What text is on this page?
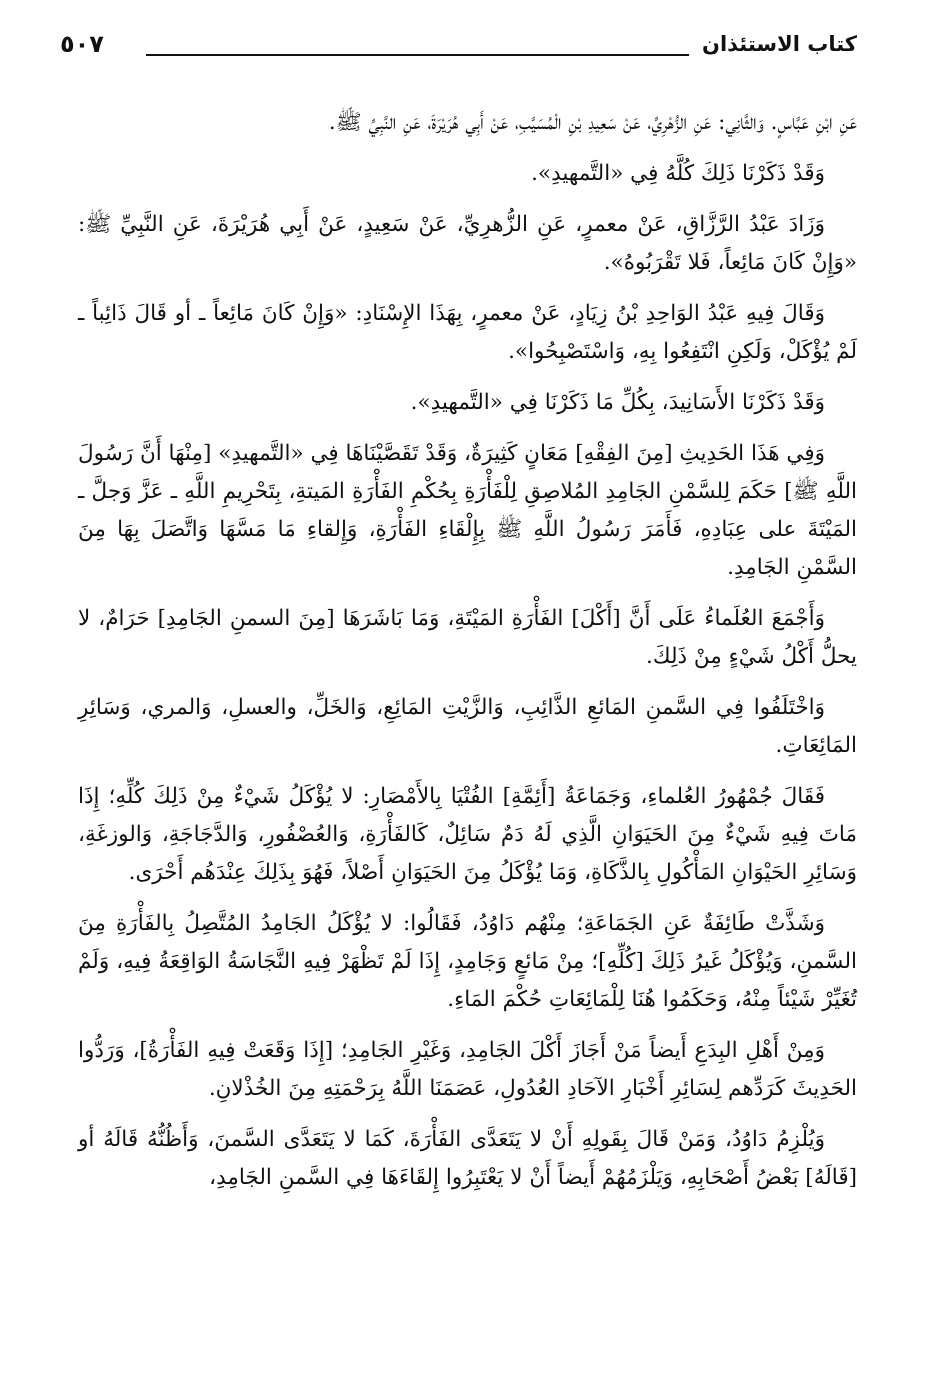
كتاب الاستئذان
٥٠٧

عَنِ ابْنِ عَبَّاسٍ. وَالثَّانِي: عَنِ الزُّهْرِيِّ، عَنْ سَعِيدِ بْنِ الْمُسَيَّبِ، عَنْ أَبِي هُرَيْرَةَ، عَنِ النَّبِيِّ ﷺ.

وَقَدْ ذَكَرْنَا ذَلِكَ كُلَّهُ فِي «التَّمهيدِ».

وَزَادَ عَبْدُ الرَّزَّاقِ، عَنْ معمرٍ، عَنِ الزُّهرِيِّ، عَنْ سَعِيدٍ، عَنْ أَبِي هُرَيْرَةَ، عَنِ النَّبِيِّ ﷺ: «وَإِنْ كَانَ مَائِعاً، فَلا تَقْرَبُوهُ».

وَقَالَ فِيهِ عَبْدُ الوَاحِدِ بْنُ زِيَادٍ، عَنْ معمرٍ، بِهَذَا الإِسْنَادِ: «وَإِنْ كَانَ مَائِعاً ـ أو قَالَ ذَائِباً ـ لَمْ يُؤْكَلْ، وَلَكِنِ انْتَفِعُوا بِهِ، وَاسْتَصْبِحُوا».

وَقَدْ ذَكَرْنَا الأَسَانِيدَ، بِكُلِّ مَا ذَكَرْنَا فِي «التَّمهيدِ».

وَفِي هَذَا الحَدِيثِ [مِنَ الفِقْهِ] مَعَانٍ كَثِيرَةٌ، وَقَدْ تَقَصَّيْنَاهَا فِي «التَّمهيدِ» [مِنْهَا أَنَّ رَسُولَ اللَّهِ ﷺ] حَكَمَ لِلسَّمْنِ الجَامِدِ المُلاصِقِ لِلْفَأْرَةِ بِحُكْمِ الفَأْرَةِ المَيتةِ، بِتَحْرِيمِ اللَّهِ ـ عَزَّ وَجلَّ ـ المَيْتَةَ على عِبَادِهِ، فَأَمَرَ رَسُولُ اللَّهِ ﷺ بِإِلْقَاءِ الفَأْرَةِ، وَإِلقاءِ مَا مَسَّهَا وَاتَّصَلَ بِهَا مِنَ السَّمْنِ الجَامِدِ.

وَأَجْمَعَ العُلَماءُ عَلَى أَنَّ [أَكْلَ] الفَأْرَةِ المَيْتَةِ، وَمَا بَاشَرَهَا [مِنَ السمنِ الجَامِدِ] حَرَامٌ، لا يحلُّ أَكْلُ شَيْءٍ مِنْ ذَلِكَ.

وَاخْتَلَفُوا فِي السَّمنِ المَائعِ الذَّائِبِ، وَالزَّيْتِ المَائِعِ، وَالخَلِّ، والعسلِ، وَالمري، وَسَائِرِ المَائِعَاتِ.

فَقَالَ جُمْهُورُ العُلماءِ، وَجَمَاعَةُ [أَئِمَّةِ] الفُتْيَا بِالأَمْصَارِ: لا يُؤْكَلُ شَيْءٌ مِنْ ذَلِكَ كُلِّهِ؛ إِذَا مَاتَ فِيهِ شَيْءٌ مِنَ الحَيَوَانِ الَّذِي لَهُ دَمٌ سَائِلٌ، كَالفَأْرَةِ، وَالعُصْفُورِ، وَالدَّجَاجَةِ، وَالوزغَةِ، وَسَائِرِ الحَيْوَانِ المَأْكُولِ بِالذَّكَاةِ، وَمَا يُؤْكَلُ مِنَ الحَيَوَانِ أَصْلاً، فَهُوَ بِذَلِكَ عِنْدَهُم أَحْرَى.

وَشَذَّتْ طَائِفَةٌ عَنِ الجَمَاعَةِ؛ مِنْهُم دَاوُدُ، فَقَالُوا: لا يُؤْكَلُ الجَامِدُ المُتَّصِلُ بِالفَأْرَةِ مِنَ السَّمنِ، وَيُؤْكَلُ غَيرُ ذَلِكَ [كُلِّهِ]؛ مِنْ مَائعٍ وَجَامِدٍ، إِذَا لَمْ تَظْهَرْ فِيهِ النَّجَاسَةُ الوَاقِعَةُ فِيهِ، وَلَمْ تُغَيِّرْ شَيْئاً مِنْهُ، وَحَكَمُوا هُنَا لِلْمَائِعَاتِ حُكْمَ المَاءِ.

وَمِنْ أَهْلِ البِدَعِ أَيضاً مَنْ أَجَازَ أَكْلَ الجَامِدِ، وَغَيْرِ الجَامِدِ؛ [إِذَا وَقَعَتْ فِيهِ الفَأْرَةُ]، وَرَدُّوا الحَدِيثَ كَرَدِّهم لِسَائِرِ أَخْبَارِ الآحَادِ العُدُولِ، عَصَمَنَا اللَّهُ بِرَحْمَتِهِ مِنَ الخُذْلانِ.

وَيُلْزِمُ دَاوُدُ، وَمَنْ قَالَ بِقَولِهِ أَنْ لا يَتَعَدَّى الفَأْرَةَ، كَمَا لا يَتَعَدَّى السَّمنَ، وَأَظُنُّهُ قَالَهُ أو [قَالَهُ] بَعْضُ أَصْحَابِهِ، وَيَلْزَمُهُمْ أَيضاً أَنْ لا يَعْتَبِرُوا إِلقَاءَهَا فِي السَّمنِ الجَامِدِ،
